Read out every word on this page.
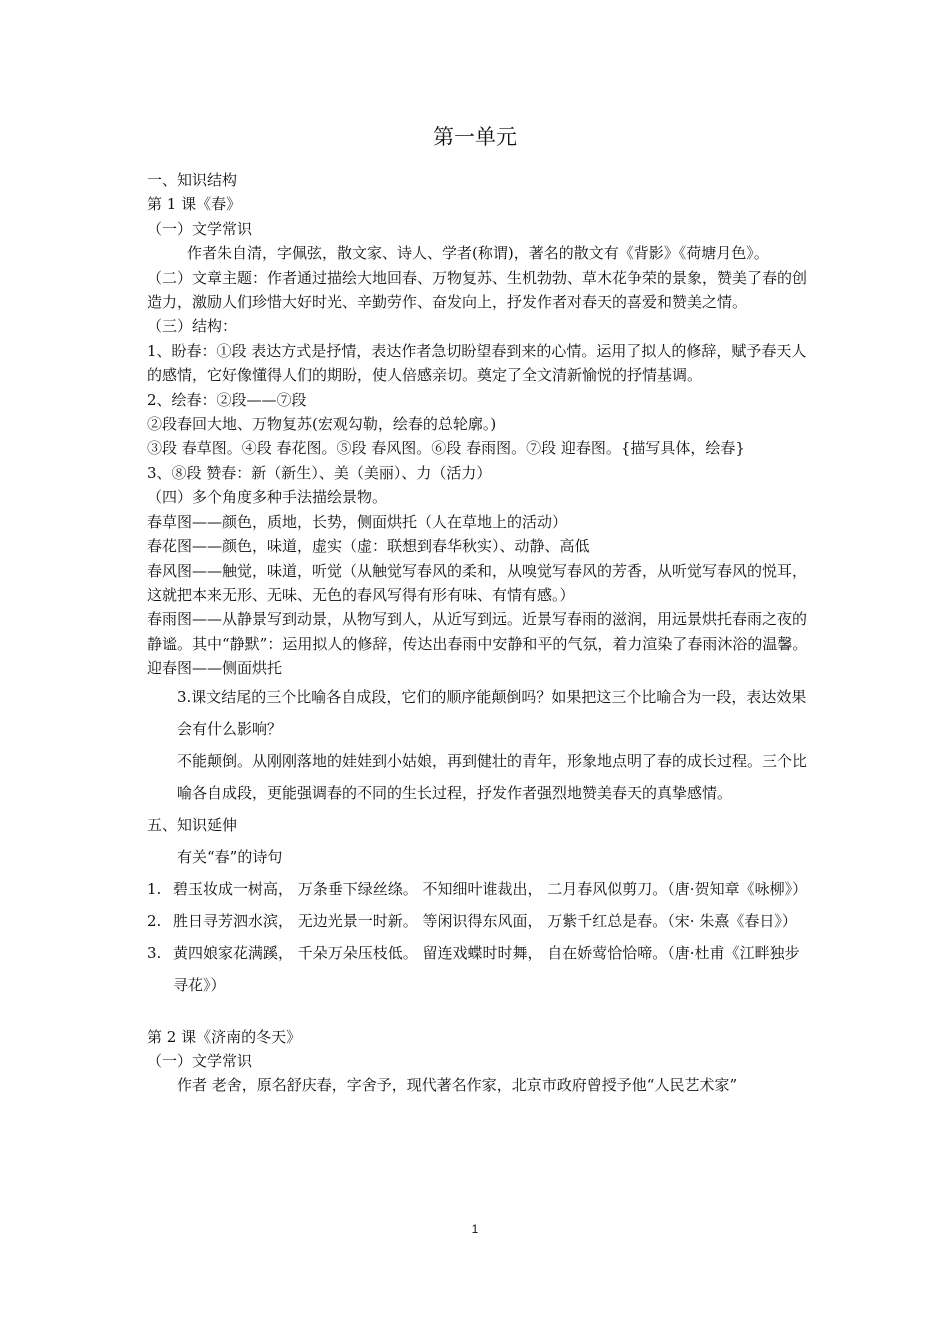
第一单元

一、知识结构

第 1 课《春》

（一）文学常识

作者朱自清，字佩弦，散文家、诗人、学者(称谓)，著名的散文有《背影》《荷塘月色》。

（二）文章主题：作者通过描绘大地回春、万物复苏、生机勃勃、草木花争荣的景象，赞美了春的创造力，激励人们珍惜大好时光、辛勤劳作、奋发向上，抒发作者对春天的喜爱和赞美之情。

（三）结构：

1、盼春：①段 表达方式是抒情，表达作者急切盼望春到来的心情。运用了拟人的修辞，赋予春天人的感情，它好像懂得人们的期盼，使人倍感亲切。奠定了全文清新愉悦的抒情基调。

2、绘春：②段——⑦段

②段春回大地、万物复苏(宏观勾勒，绘春的总轮廓。)

③段 春草图。④段 春花图。⑤段 春风图。⑥段 春雨图。⑦段 迎春图。{描写具体，绘春}

3、⑧段 赞春：新（新生）、美（美丽）、力（活力）

（四）多个角度多种手法描绘景物。

春草图——颜色，质地，长势，侧面烘托（人在草地上的活动）

春花图——颜色，味道，虚实（虚：联想到春华秋实）、动静、高低

春风图——触觉，味道，听觉（从触觉写春风的柔和，从嗅觉写春风的芳香，从听觉写春风的悦耳，这就把本来无形、无味、无色的春风写得有形有味、有情有感。）

春雨图——从静景写到动景，从物写到人，从近写到远。近景写春雨的滋润，用远景烘托春雨之夜的静谧。其中“静默”：运用拟人的修辞，传达出春雨中安静和平的气氛，着力渲染了春雨沐浴的温馨。

迎春图——侧面烘托

3.课文结尾的三个比喻各自成段，它们的顺序能颠倒吗？如果把这三个比喻合为一段，表达效果会有什么影响？

不能颠倒。从刚刚落地的娃娃到小姑娘，再到健壮的青年，形象地点明了春的成长过程。三个比喻各自成段，更能强调春的不同的生长过程，抒发作者强烈地赞美春天的真挚感情。

五、知识延伸

有关“春”的诗句

1. 碧玉妆成一树高， 万条垂下绿丝绦。 不知细叶谁裁出， 二月春风似剪刀。（唐·贺知章《咏柳》）
2. 胜日寻芳泗水滨， 无边光景一时新。 等闲识得东风面， 万紫千红总是春。（宋· 朱熹《春日》）
3. 黄四娘家花满蹊， 千朵万朵压枝低。 留连戏蝶时时舞， 自在娇莺恰恰啼。（唐·杜甫《江畔独步寻花》）

第 2 课《济南的冬天》

（一）文学常识

作者 老舍，原名舒庆春，字舍予，现代著名作家，北京市政府曾授予他“人民艺术家”

1
